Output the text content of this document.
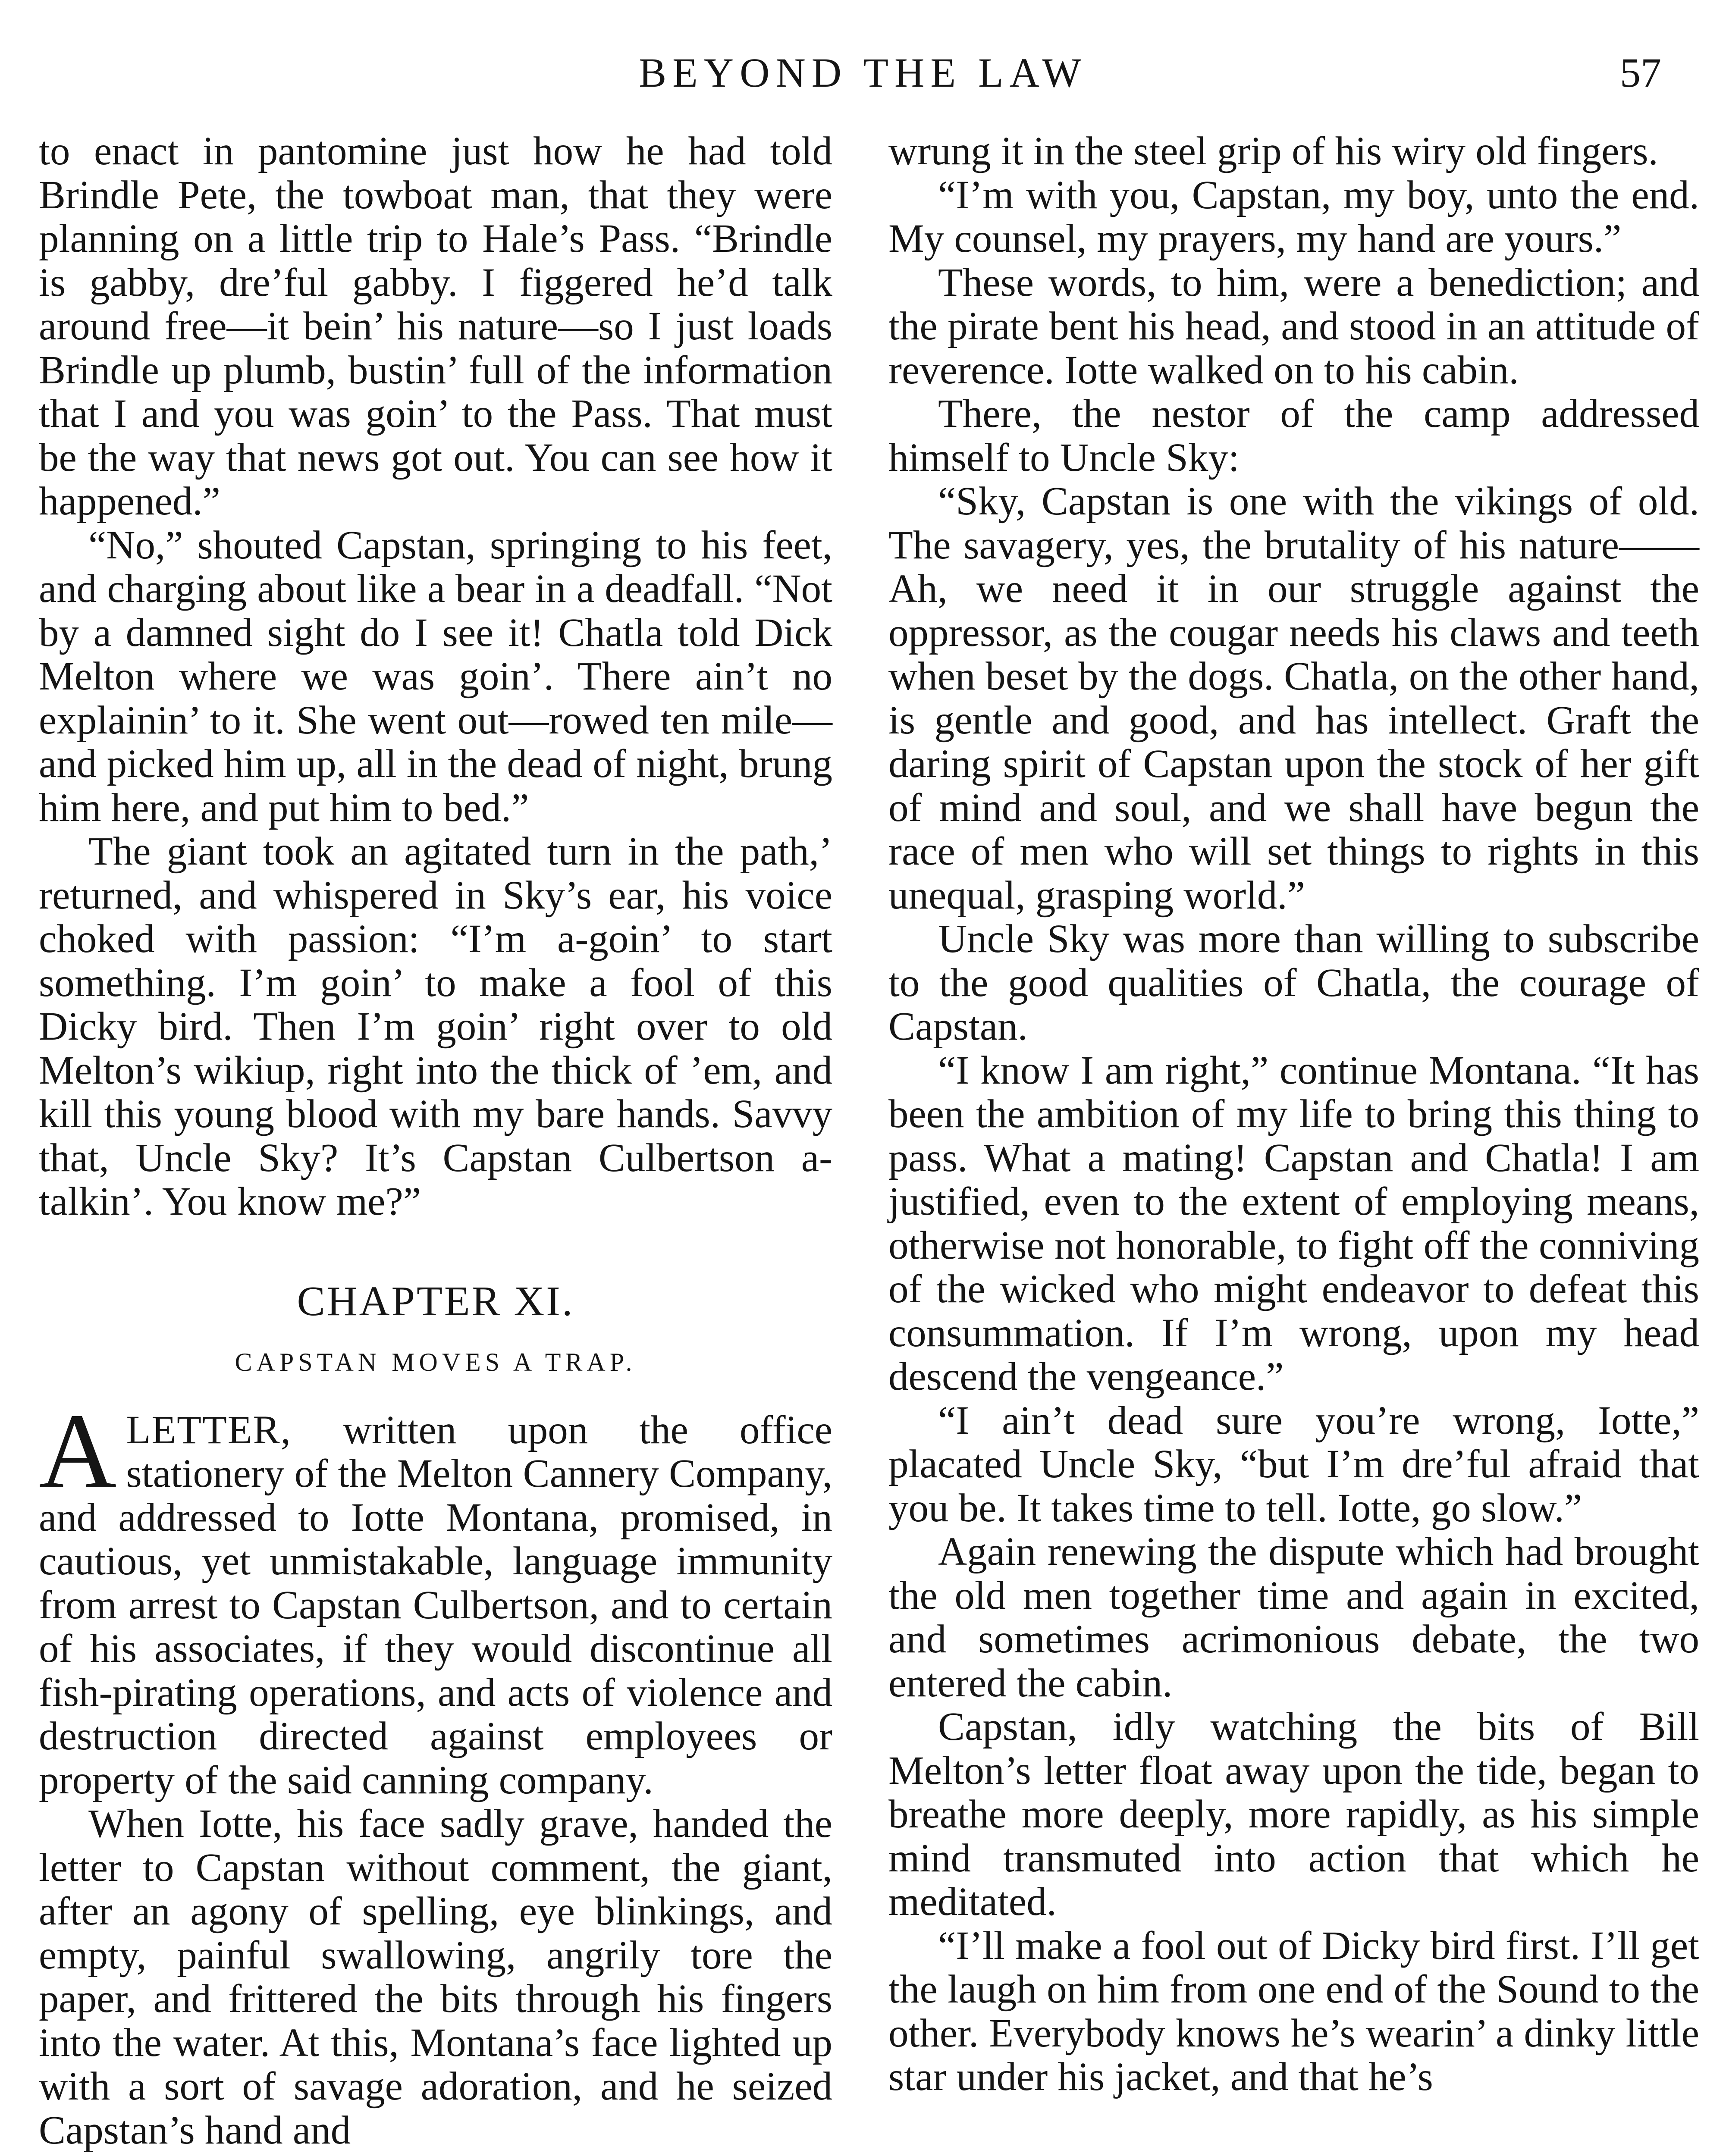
BEYOND THE LAW	57

to enact in pantomine just how he had told Brindle Pete, the towboat man, that they were planning on a little trip to Hale’s Pass. “Brindle is gabby, dre’ful gabby. I figgered he’d talk around free—it bein’ his nature—so I just loads Brindle up plumb, bustin’ full of the information that I and you was goin’ to the Pass. That must be the way that news got out. You can see how it happened.”

“No,” shouted Capstan, springing to his feet, and charging about like a bear in a deadfall. “Not by a damned sight do I see it! Chatla told Dick Melton where we was goin’. There ain’t no explainin’ to it. She went out—rowed ten mile—and picked him up, all in the dead of night, brung him here, and put him to bed.”

The giant took an agitated turn in the path,’ returned, and whispered in Sky’s ear, his voice choked with passion: “I’m a-goin’ to start something. I’m goin’ to make a fool of this Dicky bird. Then I’m goin’ right over to old Melton’s wikiup, right into the thick of ’em, and kill this young blood with my bare hands. Savvy that, Uncle Sky? It’s Capstan Culbertson a-talkin’. You know me?”

CHAPTER XI.
CAPSTAN MOVES A TRAP.

ALETTER, written upon the office stationery of the Melton Cannery Company, and addressed to Iotte Montana, promised, in cautious, yet unmistakable, language immunity from arrest to Capstan Culbertson, and to certain of his associates, if they would discontinue all fish-pirating operations, and acts of violence and destruction directed against employees or property of the said canning company.

When Iotte, his face sadly grave, handed the letter to Capstan without comment, the giant, after an agony of spelling, eye blinkings, and empty, painful swallowing, angrily tore the paper, and frittered the bits through his fingers into the water. At this, Montana’s face lighted up with a sort of savage adoration, and he seized Capstan’s hand and

wrung it in the steel grip of his wiry old fingers.

“I’m with you, Capstan, my boy, unto the end. My counsel, my prayers, my hand are yours.”

These words, to him, were a benediction; and the pirate bent his head, and stood in an attitude of reverence. Iotte walked on to his cabin.

There, the nestor of the camp addressed himself to Uncle Sky:

“Sky, Capstan is one with the vikings of old. The savagery, yes, the brutality of his nature—— Ah, we need it in our struggle against the oppressor, as the cougar needs his claws and teeth when beset by the dogs. Chatla, on the other hand, is gentle and good, and has intellect. Graft the daring spirit of Capstan upon the stock of her gift of mind and soul, and we shall have begun the race of men who will set things to rights in this unequal, grasping world.”

Uncle Sky was more than willing to subscribe to the good qualities of Chatla, the courage of Capstan.

“I know I am right,” continue Montana. “It has been the ambition of my life to bring this thing to pass. What a mating! Capstan and Chatla! I am justified, even to the extent of employing means, otherwise not honorable, to fight off the conniving of the wicked who might endeavor to defeat this consummation. If I’m wrong, upon my head descend the vengeance.”

“I ain’t dead sure you’re wrong, Iotte,” placated Uncle Sky, “but I’m dre’ful afraid that you be. It takes time to tell. Iotte, go slow.”

Again renewing the dispute which had brought the old men together time and again in excited, and sometimes acrimonious debate, the two entered the cabin.

Capstan, idly watching the bits of Bill Melton’s letter float away upon the tide, began to breathe more deeply, more rapidly, as his simple mind transmuted into action that which he meditated.

“I’ll make a fool out of Dicky bird first. I’ll get the laugh on him from one end of the Sound to the other. Everybody knows he’s wearin’ a dinky little star under his jacket, and that he’s
